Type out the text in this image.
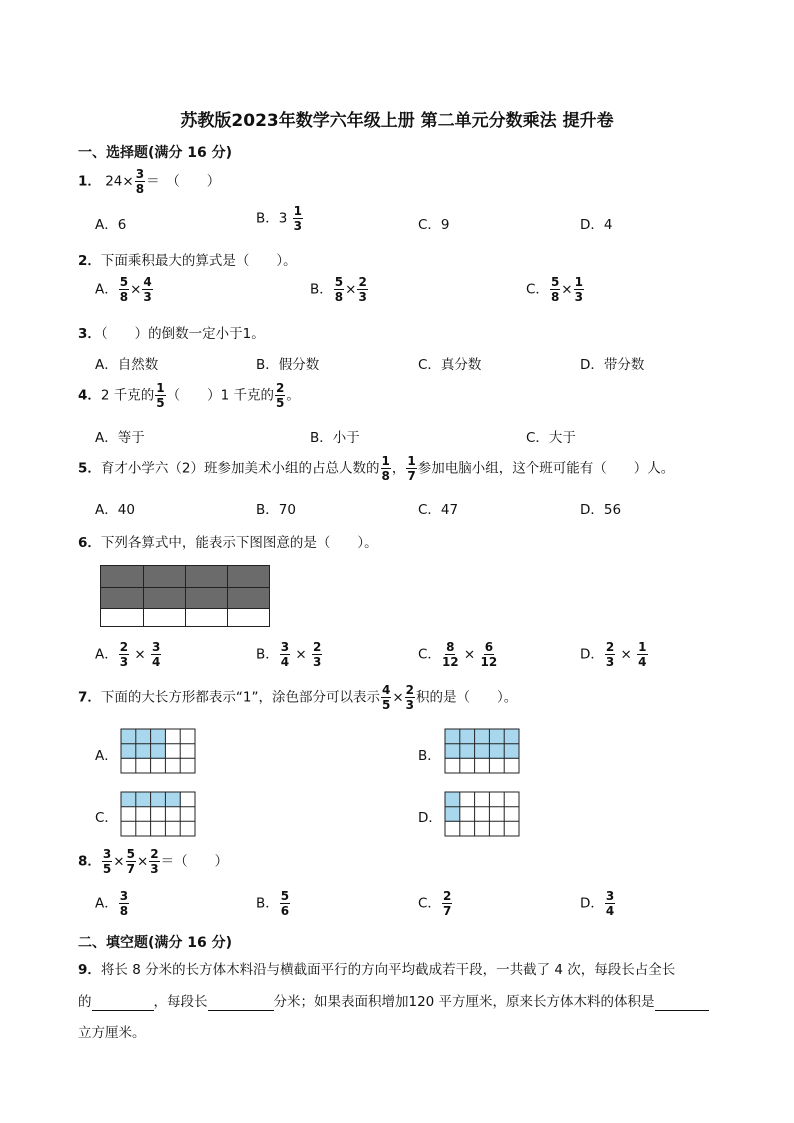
苏教版2023年数学六年级上册 第二单元分数乘法 提升卷
一、选择题(满分 16 分)
1． $24\times \frac{3}{8}$ ＝　（　　）
A．6	B．$3 \frac{1}{3}$	C．9	D．4
2．下面乘积最大的算式是（　　）。
A． $\frac{5}{8} \times \frac{4}{3}$	B． $\frac{5}{8} \times \frac{2}{3}$	C． $\frac{5}{8} \times \frac{1}{3}$
3．（　　）的倒数一定小于1。
A．自然数	B．假分数	C．真分数	D．带分数
4．2 千克的 $\frac{1}{5}$ （　　）1 千克的 $\frac{2}{5}$ 。
A．等于	B．小于	C．大于
5．育才小学六（2）班参加美术小组的占总人数的 $\frac{1}{8}$ ， $\frac{1}{7}$ 参加电脑小组，这个班可能有（　　）人。
A．40	B．70	C．47	D．56
6．下列各算式中，能表示下图图意的是（　　）。
A． $\frac{2}{3} \times \frac{3}{4}$	B． $\frac{3}{4} \times \frac{2}{3}$	C． $\frac{8}{12} \times \frac{6}{12}$	D． $\frac{2}{3} \times \frac{1}{4}$
7．下面的大长方形都表示“1”，涂色部分可以表示 $\frac{4}{5} \times \frac{2}{3}$ 积的是（　　）。
A．	B．
C．	D．
8． $\frac{3}{5} \times \frac{5}{7} \times \frac{2}{3}$ ＝（　　）
A． $\frac{3}{8}$	B． $\frac{5}{6}$	C． $\frac{2}{7}$	D． $\frac{3}{4}$
二、填空题(满分 16 分)
9．将长 8 分米的长方体木料沿与横截面平行的方向平均截成若干段，一共截了 4 次，每段长占全长
的	，每段长	分米；如果表面积增加120 平方厘米，原来长方体木料的体积是
立方厘米。
